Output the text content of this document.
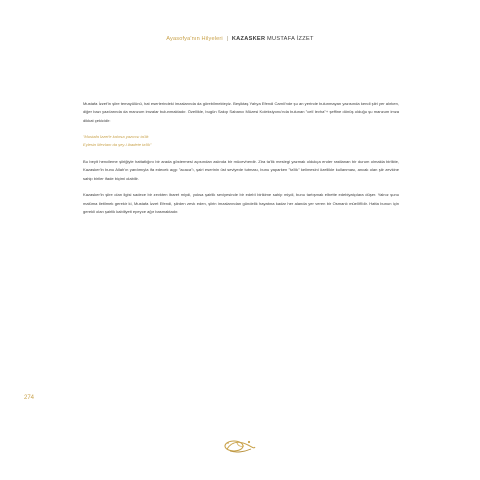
Ayasofya'nın Hilyeleri | KAZASKER MUSTAFA İZZET

Mustafa İzzet'in şiire temayülünü, hat eserlerindeki imzalarında da görebilmekteyiz. Beşiktaş Yahya Efendi Camii'nde şu an yerinde bulunmayan yazısında kendi şiiri yer alırken, diğer bazı yazılarında da manzum imzalar bulunmaktadır. Özellikle, bugün Sakıp Sabancı Müzesi Koleksiyonu'nda bulunan "celî levha"+ şeffine dönüş olduğu şu manzum imza dikkat çekicidir:

"Mustafa İzzet'e kalırsa yazıcısı ta'lik
Eylesin Mevlam da şey-i ibadete ta'lik"

Bu beyit hencileme şiiriğiyle hattatlığını bir arada göstermesi açısından aslında bir mücevherdir. Zira ta'lik meslegi yazmak oldukça ender rastlanan bir durum olmakla birlikte, Kazasker'in bunu Allah'ın yardımıyla ifa edecek açgı "acaca"ı, şairi eserinin üst seviyede tutması, bunu yaparken "ta'lik" kelimesini özellikle kullanması, ancak olan şiir zevkine sahip biriler ifade biçimi olabilir.

Kazasker'in şiire olan ilgisi sadece bir zevkten ibaret miydi, yoksa şairlik seviyesinde bir edebî birikime sahip miydi, bunu tartışmak elbette edebiyatçılara düşer. Yalnız şunu malûma iletilmek gerekir ki, Mustafa İzzet Efendi, şiirden zevk eden, şiirin imzalarından gündelik hayatına kadar her alanda yer veren bir Osmanlı müellifi'dir. Hatta bunun için gerekli olan şairlik kabiliyeti epeyce ağır basmaktadır.

274
